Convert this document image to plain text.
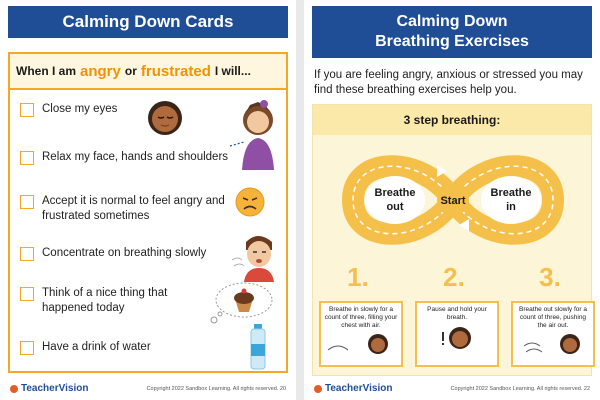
Calming Down Cards
When I am angry or frustrated I will...
Close my eyes
Relax my face, hands and shoulders
Accept it is normal to feel angry and frustrated sometimes
Concentrate on breathing slowly
Think of a nice thing that happened today
Have a drink of water
TeacherVision	Copyright 2022 Sandbox Learning. All rights reserved. 20
Calming Down
Breathing Exercises
If you are feeling angry, anxious or stressed you may find these breathing exercises help you.
3 step breathing:
Breathe
out	Start
Breathe
in
1.	2.	3.
Breathe in slowly for a count of three, filling your chest with air.
Pause and hold your breath.
Breathe out slowly for a count of three, pushing the air out.
TeacherVision	Copyright 2022 Sandbox Learning. All rights reserved. 22
